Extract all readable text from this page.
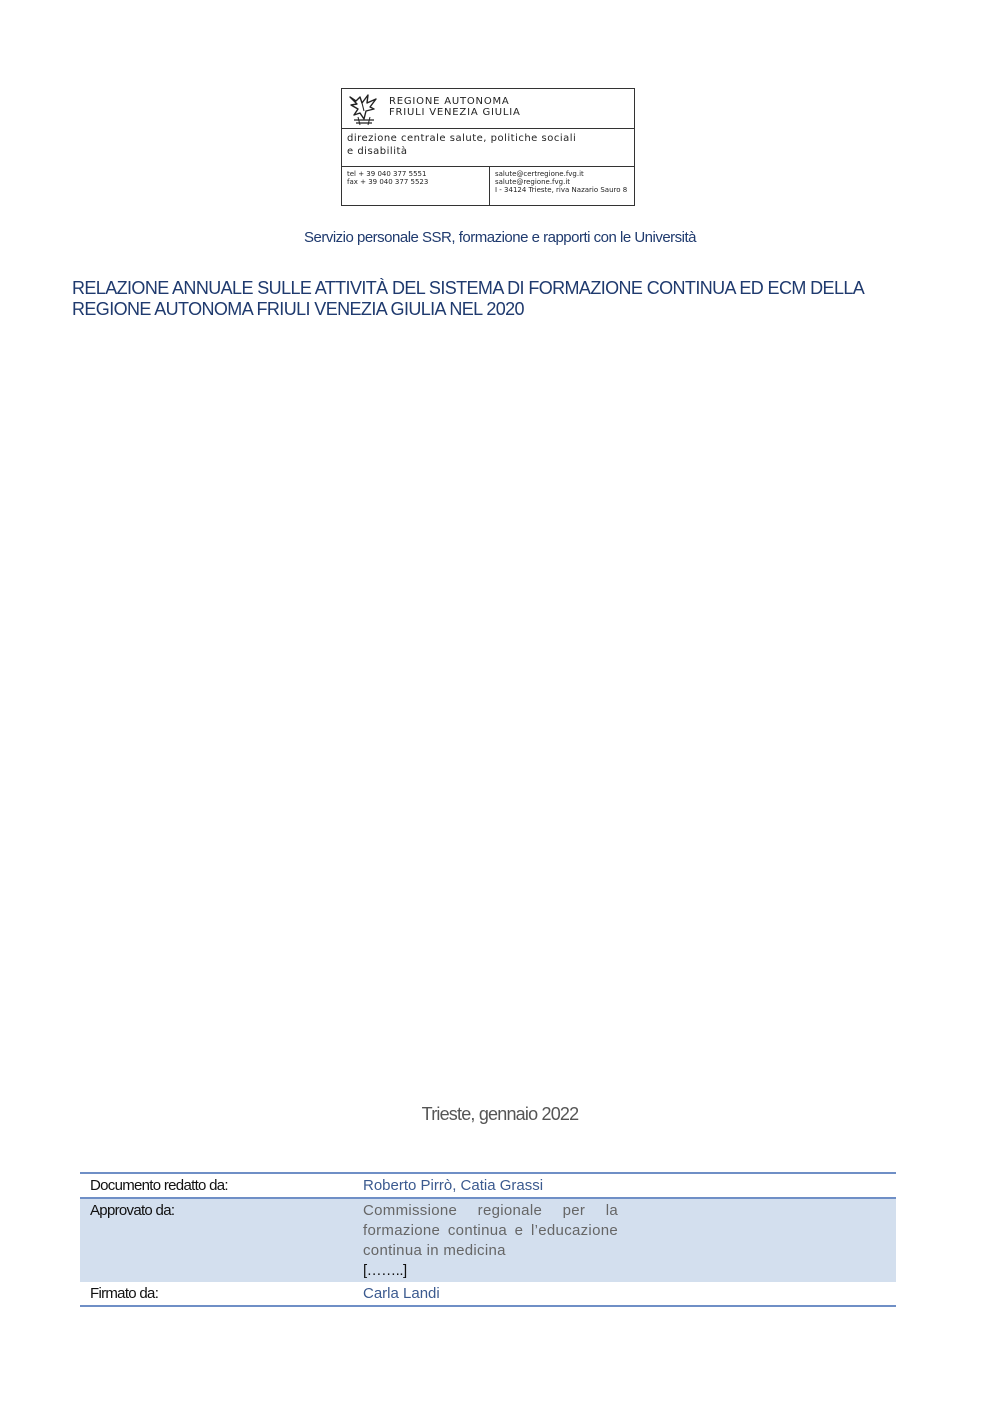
REGIONE AUTONOMA
FRIULI VENEZIA GIULIA
direzione centrale salute, politiche sociali
e disabilità
tel + 39 040 377 5551
fax + 39 040 377 5523
salute@certregione.fvg.it
salute@regione.fvg.it
I - 34124 Trieste, riva Nazario Sauro 8
Servizio personale SSR, formazione e rapporti con le Università
RELAZIONE ANNUALE SULLE ATTIVITÀ DEL SISTEMA DI FORMAZIONE CONTINUA ED ECM DELLA
REGIONE AUTONOMA FRIULI VENEZIA GIULIA NEL 2020
Trieste, gennaio 2022
Documento redatto da:	Roberto Pirrò, Catia Grassi
Approvato da:	Commissione regionale per la formazione continua e l’educazione continua in medicina
[……..]

Firmato da:	Carla Landi
